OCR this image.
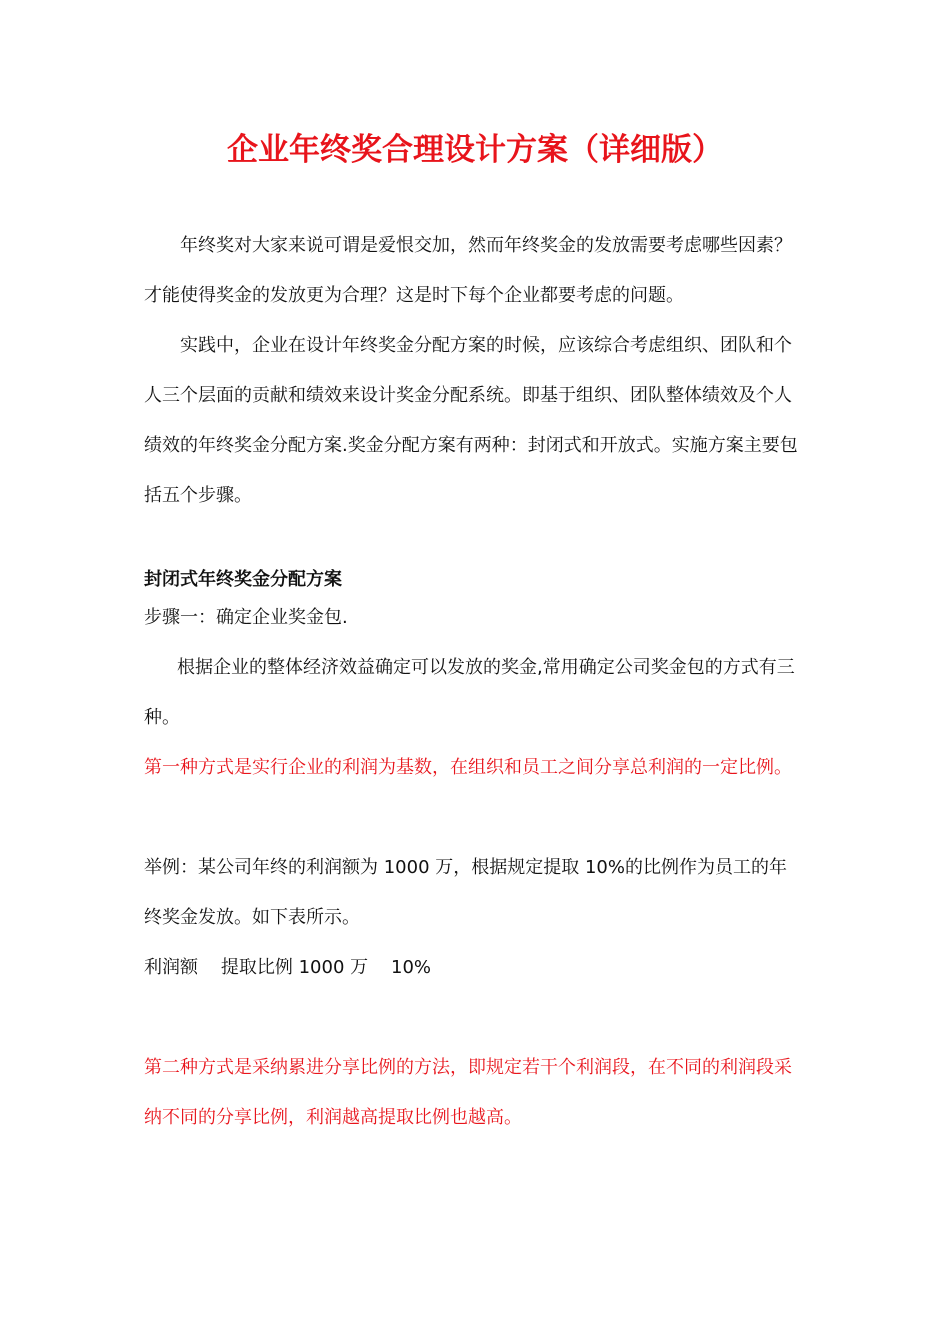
企业年终奖合理设计方案（详细版）

年终奖对大家来说可谓是爱恨交加，然而年终奖金的发放需要考虑哪些因素？才能使得奖金的发放更为合理？这是时下每个企业都要考虑的问题。

实践中，企业在设计年终奖金分配方案的时候，应该综合考虑组织、团队和个人三个层面的贡献和绩效来设计奖金分配系统。即基于组织、团队整体绩效及个人绩效的年终奖金分配方案.奖金分配方案有两种：封闭式和开放式。实施方案主要包括五个步骤。

封闭式年终奖金分配方案

步骤一：确定企业奖金包.

根据企业的整体经济效益确定可以发放的奖金,常用确定公司奖金包的方式有三种。

第一种方式是实行企业的利润为基数，在组织和员工之间分享总利润的一定比例。

举例：某公司年终的利润额为 1000 万，根据规定提取 10%的比例作为员工的年终奖金发放。如下表所示。

利润额    提取比例 1000 万    10%

第二种方式是采纳累进分享比例的方法，即规定若干个利润段，在不同的利润段采纳不同的分享比例，利润越高提取比例也越高。
